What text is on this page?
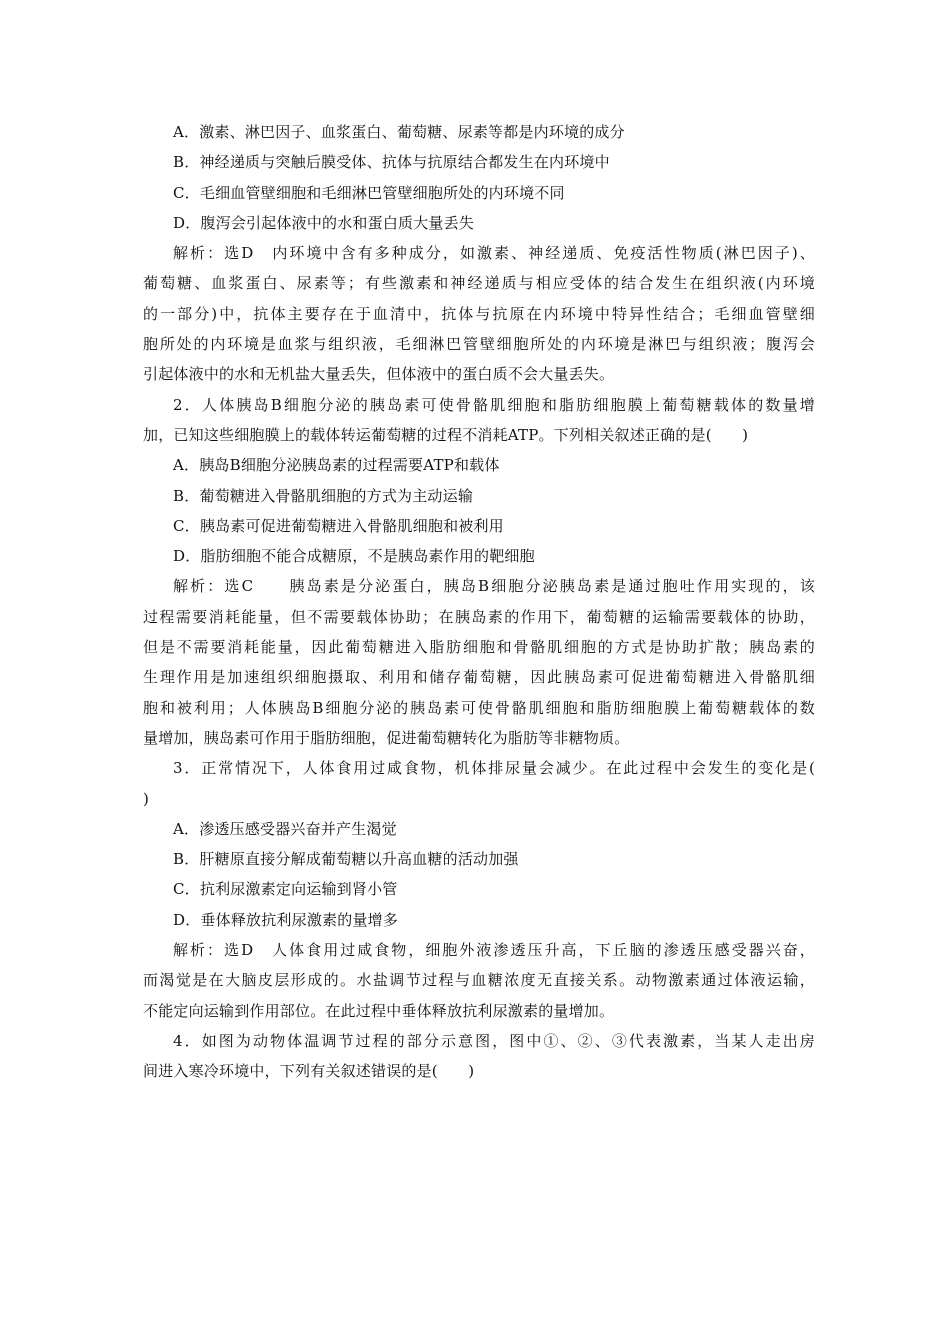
A．激素、淋巴因子、血浆蛋白、葡萄糖、尿素等都是内环境的成分
B．神经递质与突触后膜受体、抗体与抗原结合都发生在内环境中
C．毛细血管壁细胞和毛细淋巴管壁细胞所处的内环境不同
D．腹泻会引起体液中的水和蛋白质大量丢失
解析：选D　内环境中含有多种成分，如激素、神经递质、免疫活性物质(淋巴因子)、
葡萄糖、血浆蛋白、尿素等；有些激素和神经递质与相应受体的结合发生在组织液(内环境
的一部分)中，抗体主要存在于血清中，抗体与抗原在内环境中特异性结合；毛细血管壁细
胞所处的内环境是血浆与组织液，毛细淋巴管壁细胞所处的内环境是淋巴与组织液；腹泻会
引起体液中的水和无机盐大量丢失，但体液中的蛋白质不会大量丢失。
2．人体胰岛B细胞分泌的胰岛素可使骨骼肌细胞和脂肪细胞膜上葡萄糖载体的数量增
加，已知这些细胞膜上的载体转运葡萄糖的过程不消耗ATP。下列相关叙述正确的是(　　)
A．胰岛B细胞分泌胰岛素的过程需要ATP和载体
B．葡萄糖进入骨骼肌细胞的方式为主动运输
C．胰岛素可促进葡萄糖进入骨骼肌细胞和被利用
D．脂肪细胞不能合成糖原，不是胰岛素作用的靶细胞
解析：选C　　胰岛素是分泌蛋白，胰岛B细胞分泌胰岛素是通过胞吐作用实现的，该
过程需要消耗能量，但不需要载体协助；在胰岛素的作用下，葡萄糖的运输需要载体的协助，
但是不需要消耗能量，因此葡萄糖进入脂肪细胞和骨骼肌细胞的方式是协助扩散；胰岛素的
生理作用是加速组织细胞摄取、利用和储存葡萄糖，因此胰岛素可促进葡萄糖进入骨骼肌细
胞和被利用；人体胰岛B细胞分泌的胰岛素可使骨骼肌细胞和脂肪细胞膜上葡萄糖载体的数
量增加，胰岛素可作用于脂肪细胞，促进葡萄糖转化为脂肪等非糖物质。
3．正常情况下，人体食用过咸食物，机体排尿量会减少。在此过程中会发生的变化是(
)
A．渗透压感受器兴奋并产生渴觉
B．肝糖原直接分解成葡萄糖以升高血糖的活动加强
C．抗利尿激素定向运输到肾小管
D．垂体释放抗利尿激素的量增多
解析：选D　人体食用过咸食物，细胞外液渗透压升高，下丘脑的渗透压感受器兴奋，
而渴觉是在大脑皮层形成的。水盐调节过程与血糖浓度无直接关系。动物激素通过体液运输，
不能定向运输到作用部位。在此过程中垂体释放抗利尿激素的量增加。
4．如图为动物体温调节过程的部分示意图，图中①、②、③代表激素，当某人走出房
间进入寒冷环境中，下列有关叙述错误的是(　　)
